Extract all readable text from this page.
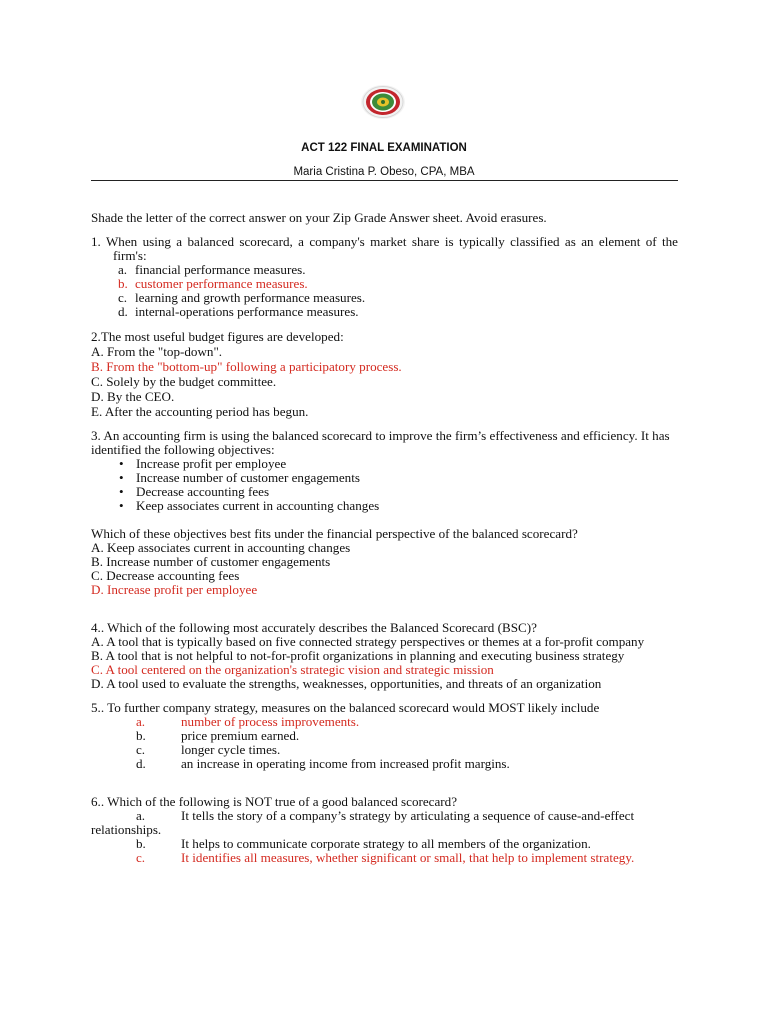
ACT 122 FINAL EXAMINATION
Maria Cristina P. Obeso, CPA, MBA

Shade the letter of the correct answer on your Zip Grade Answer sheet. Avoid erasures.

1. When using a balanced scorecard, a company's market share is typically classified as an element of the firm's:

a. financial performance measures.
b. customer performance measures.
c. learning and growth performance measures.
d. internal-operations performance measures.

2.The most useful budget figures are developed:

A. From the "top-down".

B. From the "bottom-up" following a participatory process.

C. Solely by the budget committee.

D. By the CEO.

E. After the accounting period has begun.

3. An accounting firm is using the balanced scorecard to improve the firm’s effectiveness and efficiency. It has identified the following objectives:

• Increase profit per employee
• Increase number of customer engagements
• Decrease accounting fees
• Keep associates current in accounting changes

Which of these objectives best fits under the financial perspective of the balanced scorecard?

A. Keep associates current in accounting changes

B. Increase number of customer engagements

C. Decrease accounting fees

D. Increase profit per employee

4.. Which of the following most accurately describes the Balanced Scorecard (BSC)?

A. A tool that is typically based on five connected strategy perspectives or themes at a for-profit company

B. A tool that is not helpful to not-for-profit organizations in planning and executing business strategy

C. A tool centered on the organization's strategic vision and strategic mission

D. A tool used to evaluate the strengths, weaknesses, opportunities, and threats of an organization

5.. To further company strategy, measures on the balanced scorecard would MOST likely include

a.	number of process improvements.
b.	price premium earned.
c.	longer cycle times.
d.	an increase in operating income from increased profit margins.

6.. Which of the following is NOT true of a good balanced scorecard?

a.	It tells the story of a company’s strategy by articulating a sequence of cause-and-effect relationships.

b.	It helps to communicate corporate strategy to all members of the organization.

c.	It identifies all measures, whether significant or small, that help to implement strategy.
